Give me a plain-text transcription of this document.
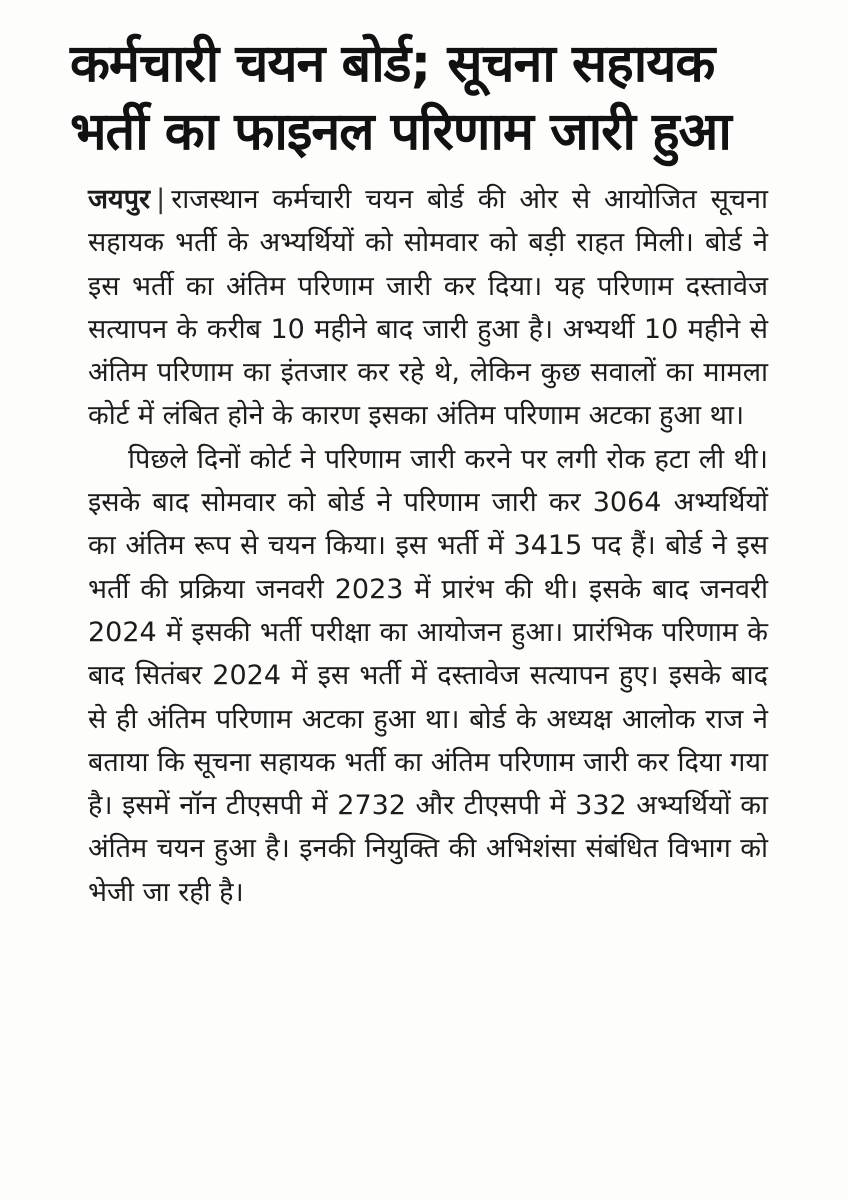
कर्मचारी चयन बोर्ड; सूचना सहायक
भर्ती का फाइनल परिणाम जारी हुआ

जयपुर | राजस्थान कर्मचारी चयन बोर्ड की ओर से आयोजित सूचना सहायक भर्ती के अभ्यर्थियों को सोमवार को बड़ी राहत मिली। बोर्ड ने इस भर्ती का अंतिम परिणाम जारी कर दिया। यह परिणाम दस्तावेज सत्यापन के करीब 10 महीने बाद जारी हुआ है। अभ्यर्थी 10 महीने से अंतिम परिणाम का इंतजार कर रहे थे, लेकिन कुछ सवालों का मामला कोर्ट में लंबित होने के कारण इसका अंतिम परिणाम अटका हुआ था।

पिछले दिनों कोर्ट ने परिणाम जारी करने पर लगी रोक हटा ली थी। इसके बाद सोमवार को बोर्ड ने परिणाम जारी कर 3064 अभ्यर्थियों का अंतिम रूप से चयन किया। इस भर्ती में 3415 पद हैं। बोर्ड ने इस भर्ती की प्रक्रिया जनवरी 2023 में प्रारंभ की थी। इसके बाद जनवरी 2024 में इसकी भर्ती परीक्षा का आयोजन हुआ। प्रारंभिक परिणाम के बाद सितंबर 2024 में इस भर्ती में दस्तावेज सत्यापन हुए। इसके बाद से ही अंतिम परिणाम अटका हुआ था। बोर्ड के अध्यक्ष आलोक राज ने बताया कि सूचना सहायक भर्ती का अंतिम परिणाम जारी कर दिया गया है। इसमें नॉन टीएसपी में 2732 और टीएसपी में 332 अभ्यर्थियों का अंतिम चयन हुआ है। इनकी नियुक्ति की अभिशंसा संबंधित विभाग को भेजी जा रही है।
